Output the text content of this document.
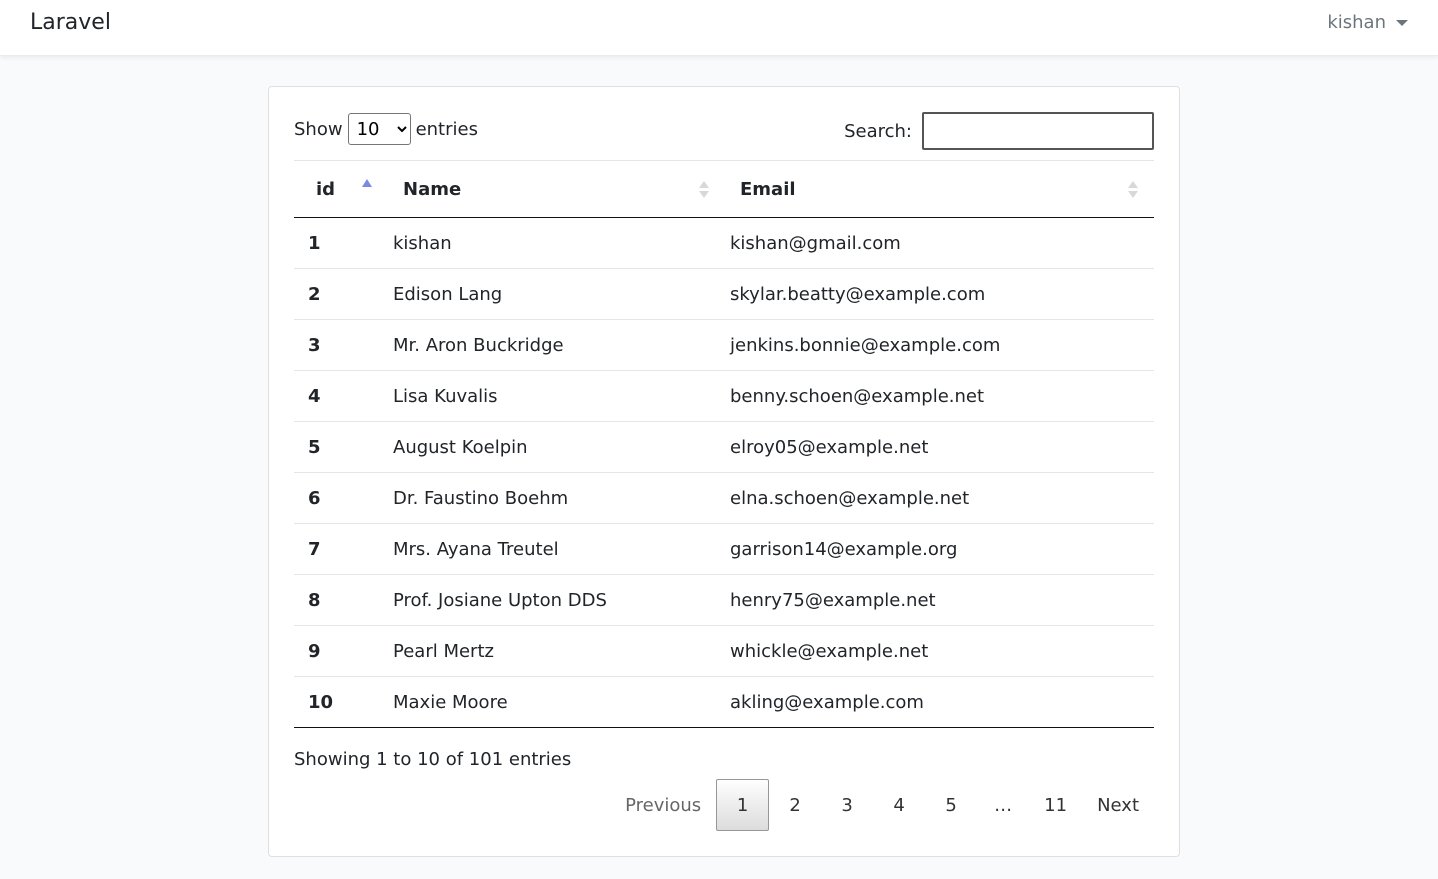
Laravel	kishan
Show
10	entries	Search:
id	Name	Email

1	kishan	kishan@gmail.com
2	Edison Lang	skylar.beatty@example.com
3	Mr. Aron Buckridge	jenkins.bonnie@example.com
4	Lisa Kuvalis	benny.schoen@example.net
5	August Koelpin	elroy05@example.net
6	Dr. Faustino Boehm	elna.schoen@example.net
7	Mrs. Ayana Treutel	garrison14@example.org
8	Prof. Josiane Upton DDS	henry75@example.net
9	Pearl Mertz	whickle@example.net
10	Maxie Moore	akling@example.com
Showing 1 to 10 of 101 entries
Previous	1	2	3	4	5	…	11	Next
